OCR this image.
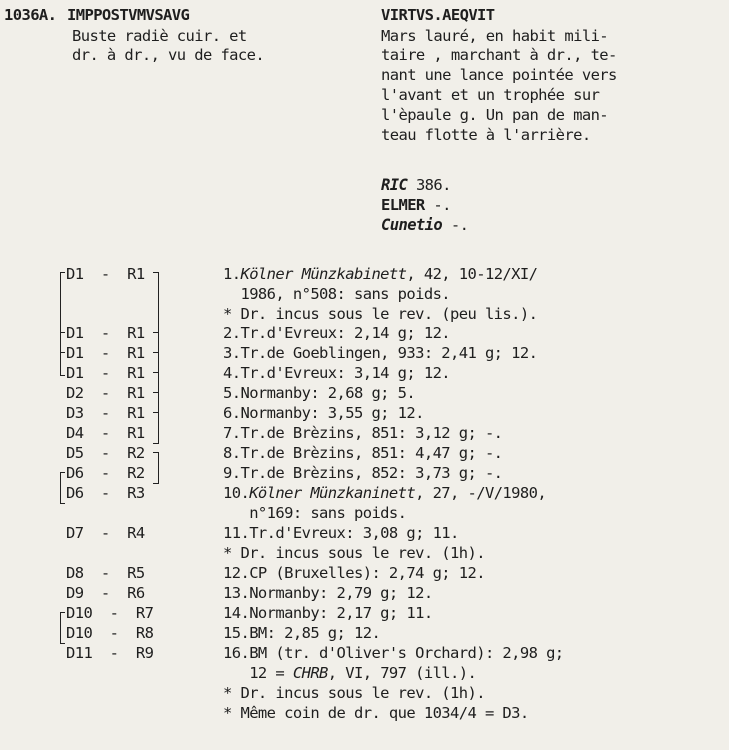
1036A. IMPPOSTVMVSAVG	VIRTVS.AEQVIT
Buste radiè cuir. et
dr. à dr., vu de face.
Mars lauré, en habit mili-
taire , marchant à dr., te-
nant une lance pointée vers
l'avant et un trophée sur
l'èpaule g. Un pan de man-
teau flotte à l'arrière.
RIC 386.
ELMER -.
Cunetio -.
D1  -  R1
D1  -  R1
D1  -  R1
D1  -  R1
D2  -  R1
D3  -  R1
D4  -  R1
D5  -  R2
D6  -  R2
D6  -  R3
D7  -  R4
D8  -  R5
D9  -  R6
D10  -  R7
D10  -  R8
D11  -  R9
1.Kölner Münzkabinett, 42, 10-12/XI/
1986, n°508: sans poids.
* Dr. incus sous le rev. (peu lis.).
2.Tr.d'Evreux: 2,14 g; 12.
3.Tr.de Goeblingen, 933: 2,41 g; 12.
4.Tr.d'Evreux: 3,14 g; 12.
5.Normanby: 2,68 g; 5.
6.Normanby: 3,55 g; 12.
7.Tr.de Brèzins, 851: 3,12 g; -.
8.Tr.de Brèzins, 851: 4,47 g; -.
9.Tr.de Brèzins, 852: 3,73 g; -.
10.Kölner Münzkaninett, 27, -/V/1980,
n°169: sans poids.
11.Tr.d'Evreux: 3,08 g; 11.
* Dr. incus sous le rev. (1h).
12.CP (Bruxelles): 2,74 g; 12.
13.Normanby: 2,79 g; 12.
14.Normanby: 2,17 g; 11.
15.BM: 2,85 g; 12.
16.BM (tr. d'Oliver's Orchard): 2,98 g;
12 = CHRB, VI, 797 (ill.).
* Dr. incus sous le rev. (1h).
* Même coin de dr. que 1034/4 = D3.
